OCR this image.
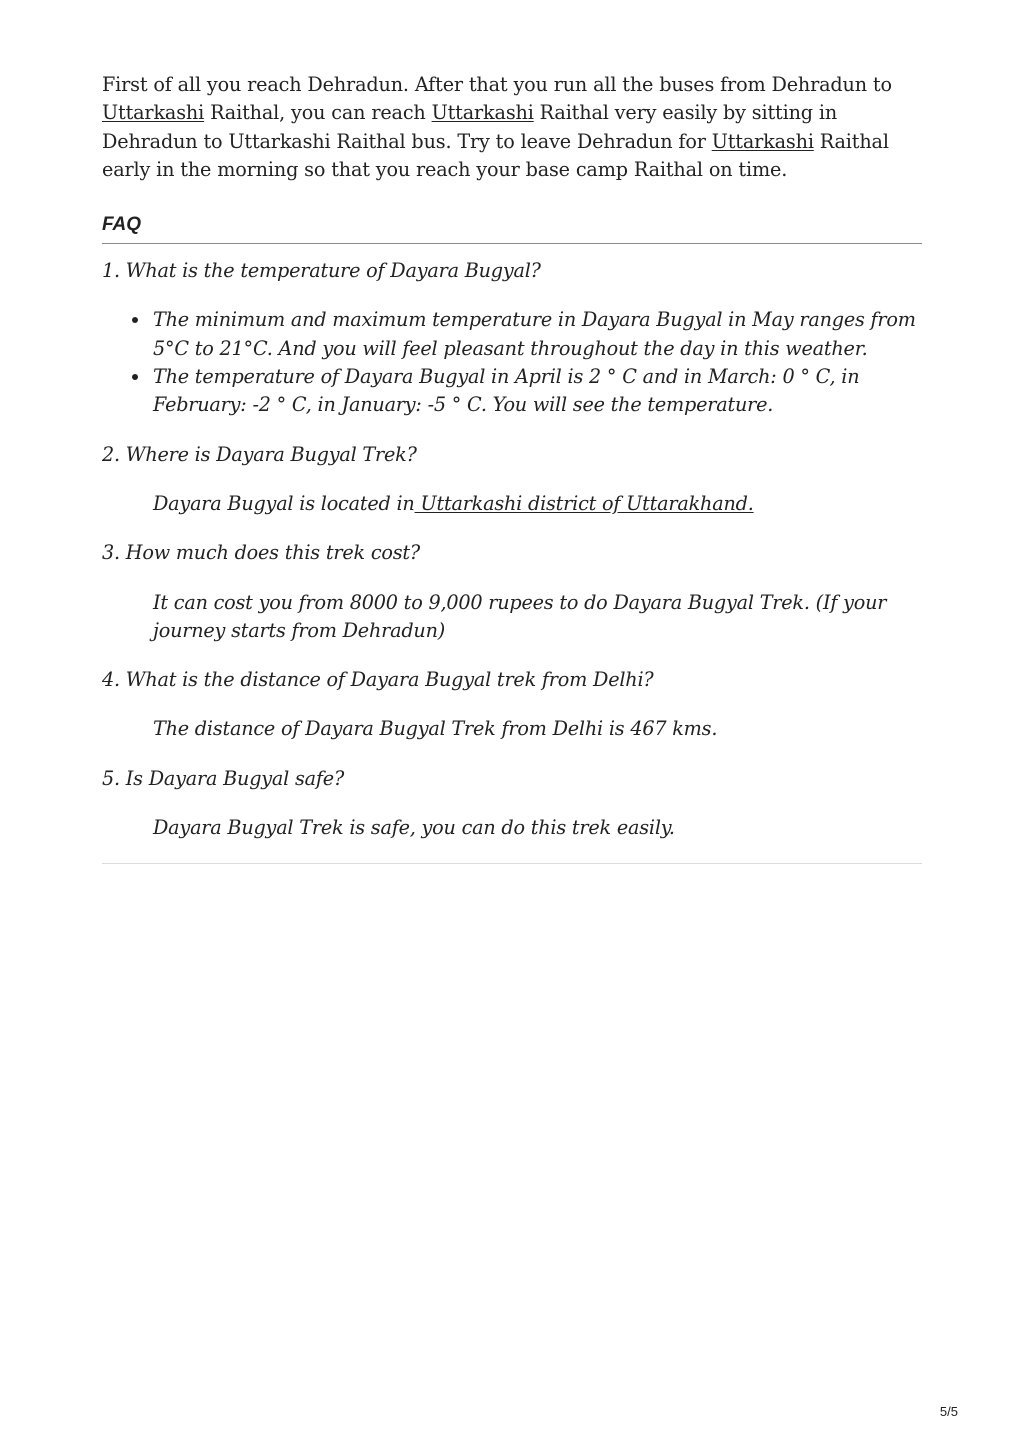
First of all you reach Dehradun. After that you run all the buses from Dehradun to Uttarkashi Raithal, you can reach Uttarkashi Raithal very easily by sitting in Dehradun to Uttarkashi Raithal bus. Try to leave Dehradun for Uttarkashi Raithal early in the morning so that you reach your base camp Raithal on time.

FAQ

1. What is the temperature of Dayara Bugyal?

The minimum and maximum temperature in Dayara Bugyal in May ranges from 5°C to 21°C. And you will feel pleasant throughout the day in this weather.
The temperature of Dayara Bugyal in April is 2 ° C and in March: 0 ° C, in February: -2 ° C, in January: -5 ° C. You will see the temperature.

2. Where is Dayara Bugyal Trek?

Dayara Bugyal is located in Uttarkashi district of Uttarakhand.

3. How much does this trek cost?

It can cost you from 8000 to 9,000 rupees to do Dayara Bugyal Trek. (If your journey starts from Dehradun)

4. What is the distance of Dayara Bugyal trek from Delhi?

The distance of Dayara Bugyal Trek from Delhi is 467 kms.

5. Is Dayara Bugyal safe?

Dayara Bugyal Trek is safe, you can do this trek easily.

5/5
